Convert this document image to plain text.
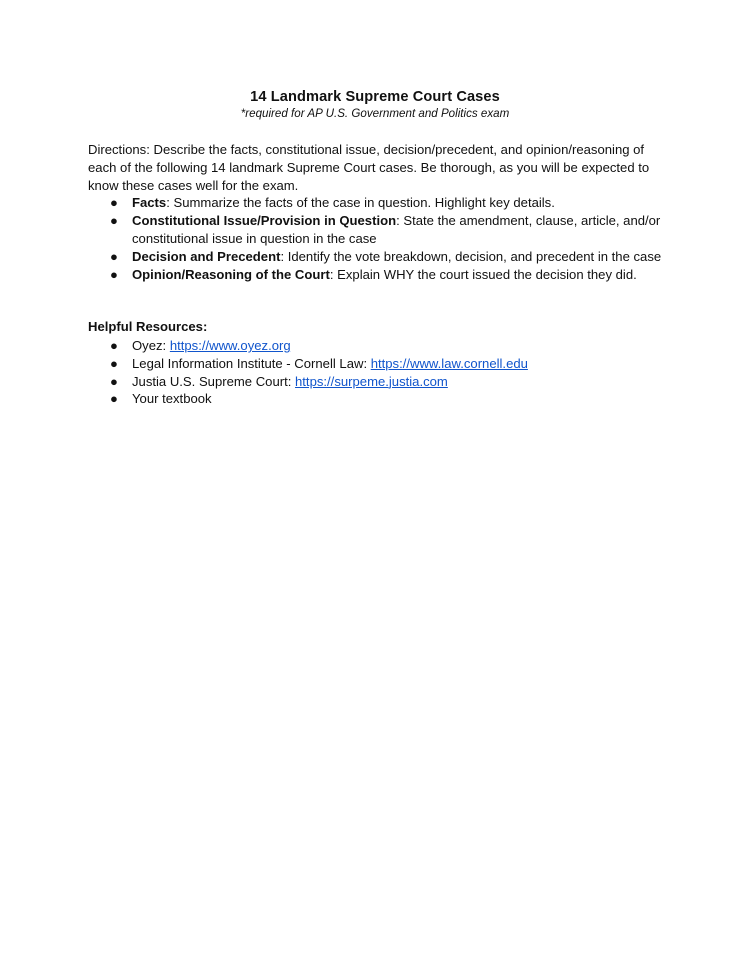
14 Landmark Supreme Court Cases
*required for AP U.S. Government and Politics exam
Directions: Describe the facts, constitutional issue, decision/precedent, and opinion/reasoning of each of the following 14 landmark Supreme Court cases. Be thorough, as you will be expected to know these cases well for the exam.
● Facts: Summarize the facts of the case in question. Highlight key details.
● Constitutional Issue/Provision in Question: State the amendment, clause, article, and/or constitutional issue in question in the case
● Decision and Precedent: Identify the vote breakdown, decision, and precedent in the case
● Opinion/Reasoning of the Court: Explain WHY the court issued the decision they did.
Helpful Resources:
● Oyez: https://www.oyez.org
● Legal Information Institute - Cornell Law: https://www.law.cornell.edu
● Justia U.S. Supreme Court: https://surpeme.justia.com
● Your textbook
